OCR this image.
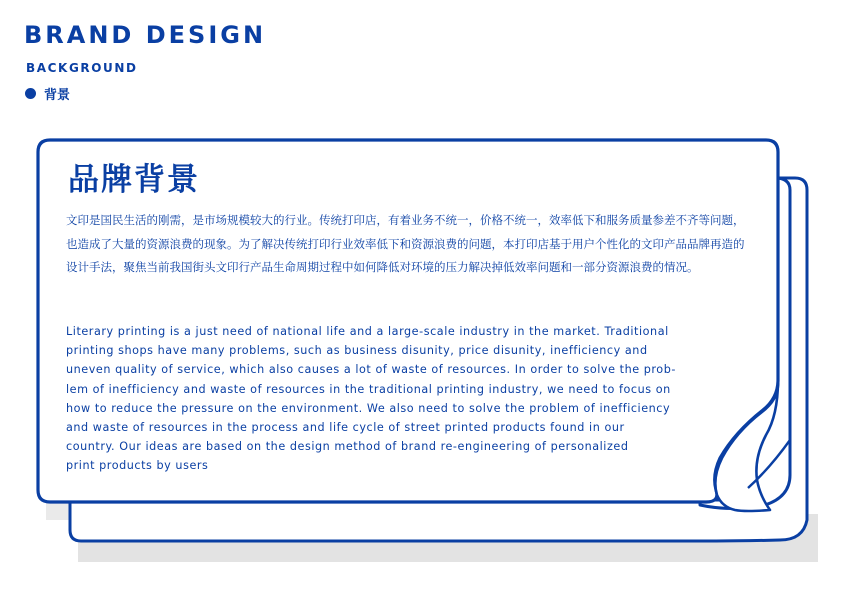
BRAND DESIGN
BACKGROUND
背景
品牌背景

文印是国民生活的刚需，是市场规模较大的行业。传统打印店，有着业务不统一，价格不统一，效率低下和服务质量参差不齐等问题，也造成了大量的资源浪费的现象。为了解决传统打印行业效率低下和资源浪费的问题，本打印店基于用户个性化的文印产品品牌再造的设计手法，聚焦当前我国街头文印行产品生命周期过程中如何降低对环境的压力解决掉低效率问题和一部分资源浪费的情况。

Literary printing is a just need of national life and a large-scale industry in the market. Traditional
printing shops have many problems, such as business disunity, price disunity, inefficiency and
uneven quality of service, which also causes a lot of waste of resources. In order to solve the prob-
lem of inefficiency and waste of resources in the traditional printing industry, we need to focus on
how to reduce the pressure on the environment. We also need to solve the problem of inefficiency
and waste of resources in the process and life cycle of street printed products found in our
country. Our ideas are based on the design method of brand re-engineering of personalized
print products by users
